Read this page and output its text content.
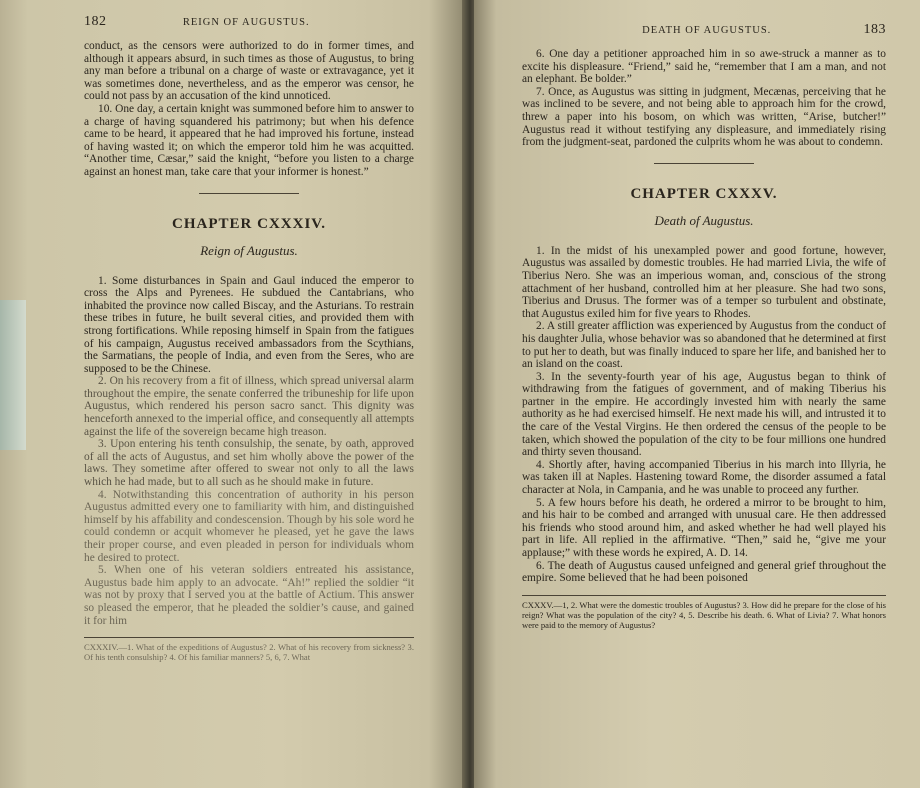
182	REIGN OF AUGUSTUS.

conduct, as the censors were authorized to do in former times, and although it appears absurd, in such times as those of Augustus, to bring any man before a tribunal on a charge of waste or extravagance, yet it was sometimes done, nevertheless, and as the emperor was censor, he could not pass by an accusation of the kind unnoticed.

10. One day, a certain knight was summoned before him to answer to a charge of having squandered his patrimony; but when his defence came to be heard, it appeared that he had improved his fortune, instead of having wasted it; on which the emperor told him he was acquitted. “Another time, Cæsar,” said the knight, “before you listen to a charge against an honest man, take care that your informer is honest.”

CHAPTER CXXXIV.
Reign of Augustus.

1. Some disturbances in Spain and Gaul induced the emperor to cross the Alps and Pyrenees. He subdued the Cantabrians, who inhabited the province now called Biscay, and the Asturians. To restrain these tribes in future, he built several cities, and provided them with strong fortifications. While reposing himself in Spain from the fatigues of his campaign, Augustus received ambassadors from the Scythians, the Sarmatians, the people of India, and even from the Seres, who are supposed to be the Chinese.

2. On his recovery from a fit of illness, which spread universal alarm throughout the empire, the senate conferred the tribuneship for life upon Augustus, which rendered his person sacro sanct. This dignity was henceforth annexed to the imperial office, and consequently all attempts against the life of the sovereign became high treason.

3. Upon entering his tenth consulship, the senate, by oath, approved of all the acts of Augustus, and set him wholly above the power of the laws. They sometime after offered to swear not only to all the laws which he had made, but to all such as he should make in future.

4. Notwithstanding this concentration of authority in his person Augustus admitted every one to familiarity with him, and distinguished himself by his affability and condescension. Though by his sole word he could condemn or acquit whomever he pleased, yet he gave the laws their proper course, and even pleaded in person for individuals whom he desired to protect.

5. When one of his veteran soldiers entreated his assistance, Augustus bade him apply to an advocate. “Ah!” replied the soldier “it was not by proxy that I served you at the battle of Actium. This answer so pleased the emperor, that he pleaded the soldier’s cause, and gained it for him

CXXXIV.—1. What of the expeditions of Augustus? 2. What of his recovery from sickness? 3. Of his tenth consulship? 4. Of his familiar manners? 5, 6, 7. What

DEATH OF AUGUSTUS.	183

6. One day a petitioner approached him in so awe-struck a manner as to excite his displeasure. “Friend,” said he, “remember that I am a man, and not an elephant. Be bolder.”

7. Once, as Augustus was sitting in judgment, Mecænas, perceiving that he was inclined to be severe, and not being able to approach him for the crowd, threw a paper into his bosom, on which was written, “Arise, butcher!” Augustus read it without testifying any displeasure, and immediately rising from the judgment-seat, pardoned the culprits whom he was about to condemn.

CHAPTER CXXXV.
Death of Augustus.

1. In the midst of his unexampled power and good fortune, however, Augustus was assailed by domestic troubles. He had married Livia, the wife of Tiberius Nero. She was an imperious woman, and, conscious of the strong attachment of her husband, controlled him at her pleasure. She had two sons, Tiberius and Drusus. The former was of a temper so turbulent and obstinate, that Augustus exiled him for five years to Rhodes.

2. A still greater affliction was experienced by Augustus from the conduct of his daughter Julia, whose behavior was so abandoned that he determined at first to put her to death, but was finally induced to spare her life, and banished her to an island on the coast.

3. In the seventy-fourth year of his age, Augustus began to think of withdrawing from the fatigues of government, and of making Tiberius his partner in the empire. He accordingly invested him with nearly the same authority as he had exercised himself. He next made his will, and intrusted it to the care of the Vestal Virgins. He then ordered the census of the people to be taken, which showed the population of the city to be four millions one hundred and thirty seven thousand.

4. Shortly after, having accompanied Tiberius in his march into Illyria, he was taken ill at Naples. Hastening toward Rome, the disorder assumed a fatal character at Nola, in Campania, and he was unable to proceed any further.

5. A few hours before his death, he ordered a mirror to be brought to him, and his hair to be combed and arranged with unusual care. He then addressed his friends who stood around him, and asked whether he had well played his part in life. All replied in the affirmative. “Then,” said he, “give me your applause;” with these words he expired, A. D. 14.

6. The death of Augustus caused unfeigned and general grief throughout the empire. Some believed that he had been poisoned

CXXXV.—1, 2. What were the domestic troubles of Augustus? 3. How did he prepare for the close of his reign? What was the population of the city? 4, 5. Describe his death. 6. What of Livia? 7. What honors were paid to the memory of Augustus?
